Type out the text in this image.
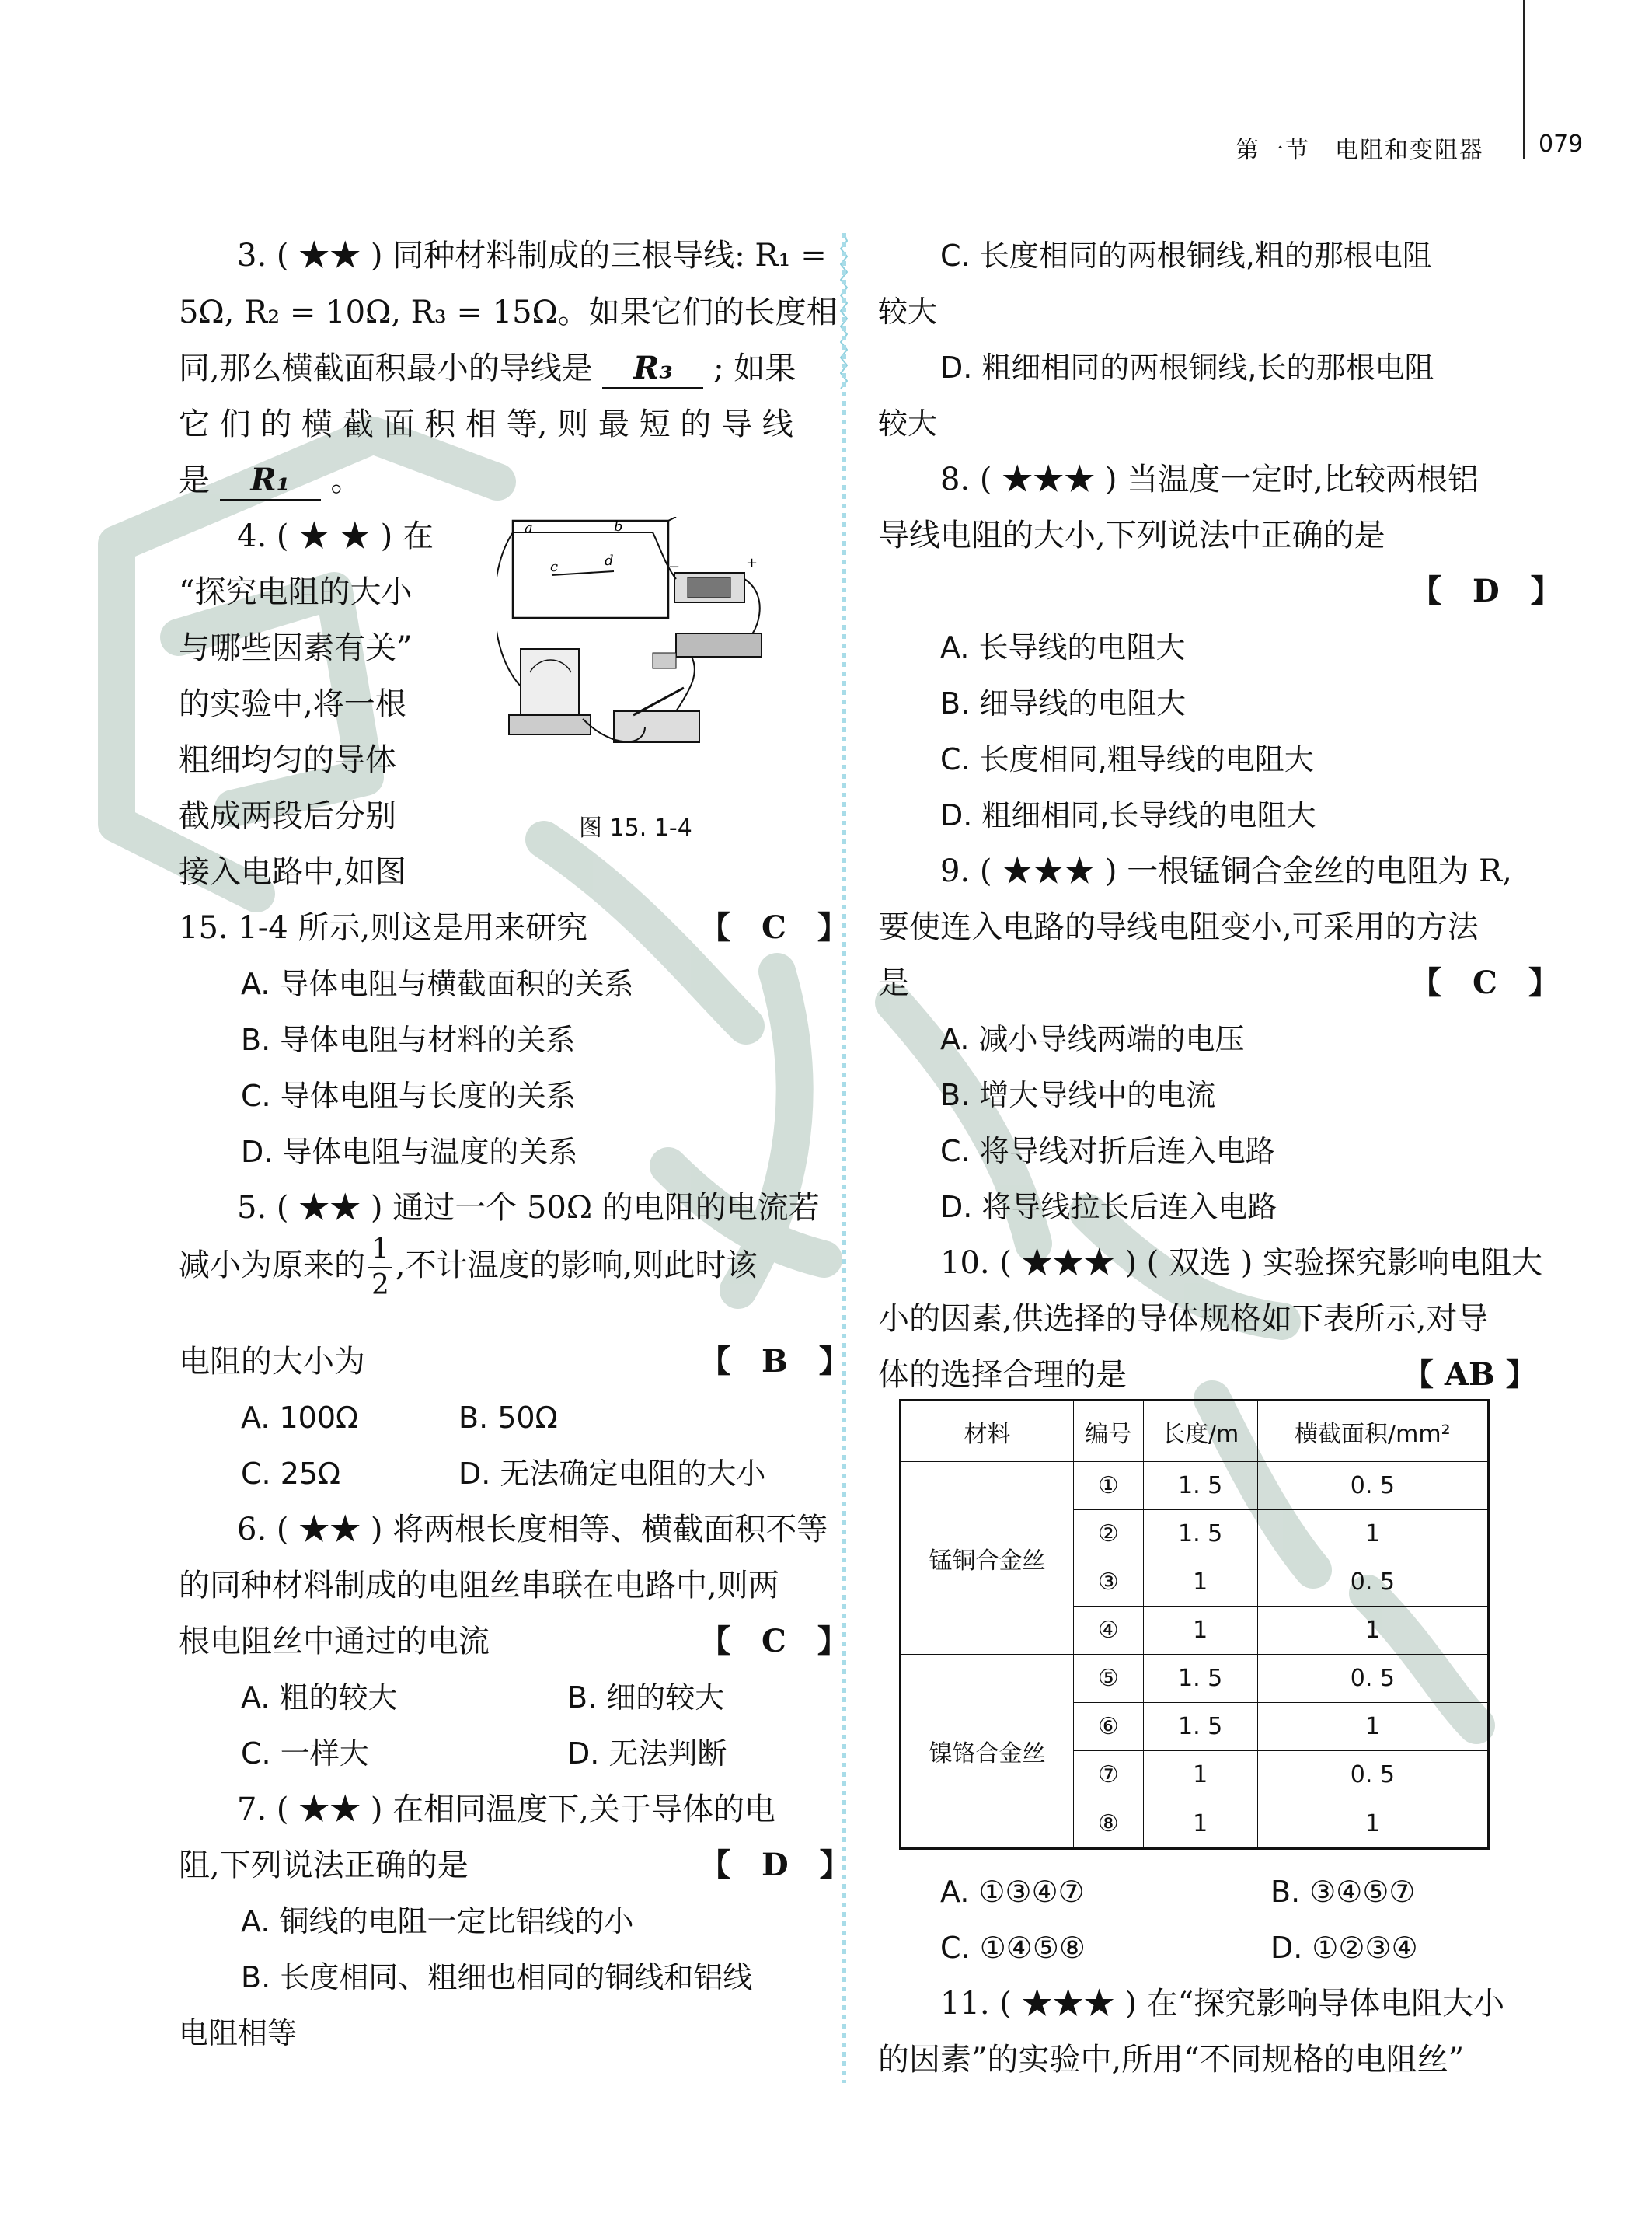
第一节　电阻和变阻器 079
3. ( ★★ ) 同种材料制成的三根导线: R₁ =
5Ω, R₂ = 10Ω, R₃ = 15Ω。如果它们的长度相
同,那么横截面积最小的导线是 R₃ ; 如果
它 们 的 横 截 面 积 相 等, 则 最 短 的 导 线
是 R₁ 。
4. ( ★ ★ ) 在
“探究电阻的大小
与哪些因素有关”
的实验中,将一根
粗细均匀的导体
截成两段后分别
接入电路中,如图
15. 1-4 所示,则这是用来研究	【　C　】
A. 导体电阻与横截面积的关系
B. 导体电阻与材料的关系
C. 导体电阻与长度的关系
D. 导体电阻与温度的关系
a	b
c	d	−	+
图 15. 1-4
5. ( ★★ ) 通过一个 50Ω 的电阻的电流若
减小为原来的 $\frac{1}{2}$ ,不计温度的影响,则此时该
电阻的大小为	【　B　】
A. 100Ω	B. 50Ω
C. 25Ω	D. 无法确定电阻的大小
6. ( ★★ ) 将两根长度相等、横截面积不等
的同种材料制成的电阻丝串联在电路中,则两
根电阻丝中通过的电流	【　C　】
A. 粗的较大	B. 细的较大
C. 一样大	D. 无法判断
7. ( ★★ ) 在相同温度下,关于导体的电
阻,下列说法正确的是	【　D　】
A. 铜线的电阻一定比铝线的小
B. 长度相同、粗细也相同的铜线和铝线
电阻相等
C. 长度相同的两根铜线,粗的那根电阻
较大
D. 粗细相同的两根铜线,长的那根电阻
较大
8. ( ★★★ ) 当温度一定时,比较两根铝
导线电阻的大小,下列说法中正确的是
【　D　】
A. 长导线的电阻大
B. 细导线的电阻大
C. 长度相同,粗导线的电阻大
D. 粗细相同,长导线的电阻大
9. ( ★★★ ) 一根锰铜合金丝的电阻为 R,
要使连入电路的导线电阻变小,可采用的方法
是	【　C　】
A. 减小导线两端的电压
B. 增大导线中的电流
C. 将导线对折后连入电路
D. 将导线拉长后连入电路
10. ( ★★★ ) ( 双选 ) 实验探究影响电阻大
小的因素,供选择的导体规格如下表所示,对导
体的选择合理的是	【 AB 】
材料	编号	长度/m	横截面积/mm²
锰铜合金丝	①	1. 5	0. 5
	②	1. 5	1
	③	1	0. 5
	④	1	1
镍铬合金丝	⑤	1. 5	0. 5
	⑥	1. 5	1
	⑦	1	0. 5
	⑧	1	1
A. ①③④⑦	B. ③④⑤⑦
C. ①④⑤⑧	D. ①②③④
11. ( ★★★ ) 在“探究影响导体电阻大小
的因素”的实验中,所用“不同规格的电阻丝”
